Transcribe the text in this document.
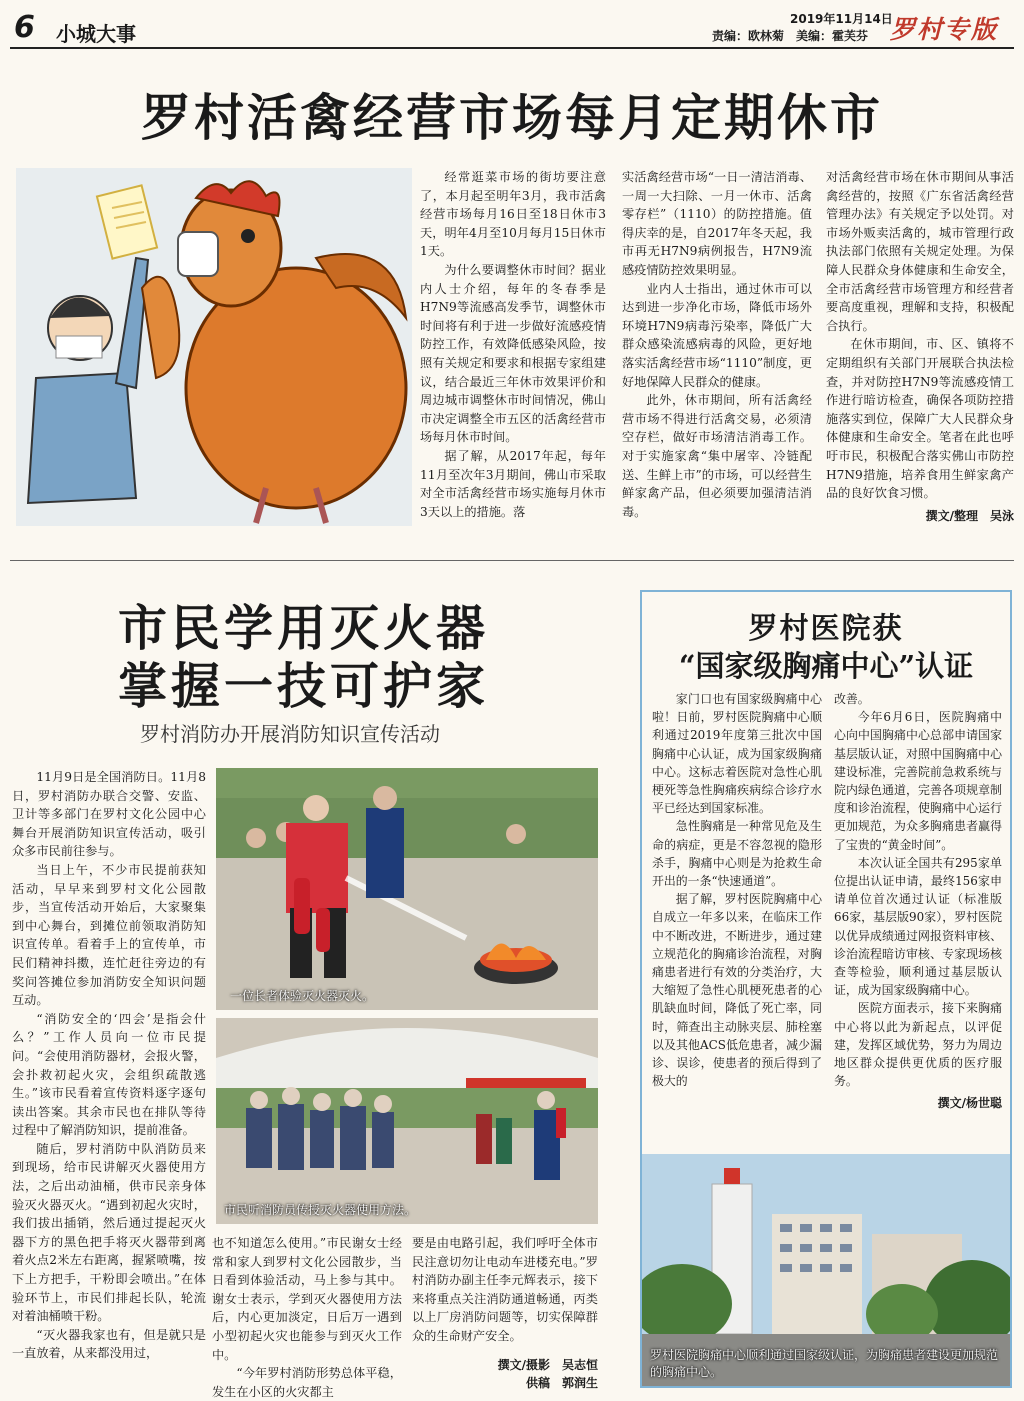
6 小城大事
2019年11月14日
责编：欧林菊　美编：霍芙芬 罗村专版
罗村活禽经营市场每月定期休市

经常逛菜市场的街坊要注意了，本月起至明年3月，我市活禽经营市场每月16日至18日休市3天，明年4月至10月每月15日休市1天。

为什么要调整休市时间？据业内人士介绍，每年的冬春季是H7N9等流感高发季节，调整休市时间将有利于进一步做好流感疫情防控工作，有效降低感染风险，按照有关规定和要求和根据专家组建议，结合最近三年休市效果评价和周边城市调整休市时间情况，佛山市决定调整全市五区的活禽经营市场每月休市时间。

据了解，从2017年起，每年11月至次年3月期间，佛山市采取对全市活禽经营市场实施每月休市3天以上的措施。落

实活禽经营市场“一日一清洁消毒、一周一大扫除、一月一休市、活禽零存栏”（1110）的防控措施。值得庆幸的是，自2017年冬天起，我市再无H7N9病例报告，H7N9流感疫情防控效果明显。

业内人士指出，通过休市可以达到进一步净化市场，降低市场外环境H7N9病毒污染率，降低广大群众感染流感病毒的风险，更好地落实活禽经营市场“1110”制度，更好地保障人民群众的健康。

此外，休市期间，所有活禽经营市场不得进行活禽交易，必须清空存栏，做好市场清洁消毒工作。对于实施家禽“集中屠宰、冷链配送、生鲜上市”的市场，可以经营生鲜家禽产品，但必须要加强清洁消毒。

对活禽经营市场在休市期间从事活禽经营的，按照《广东省活禽经营管理办法》有关规定予以处罚。对市场外贩卖活禽的，城市管理行政执法部门依照有关规定处理。为保障人民群众身体健康和生命安全，全市活禽经营市场管理方和经营者要高度重视，理解和支持，积极配合执行。

在休市期间，市、区、镇将不定期组织有关部门开展联合执法检查，并对防控H7N9等流感疫情工作进行暗访检查，确保各项防控措施落实到位，保障广大人民群众身体健康和生命安全。笔者在此也呼吁市民，积极配合落实佛山市防控H7N9措施，培养食用生鲜家禽产品的良好饮食习惯。

撰文/整理　吴泳
市民学用灭火器
掌握一技可护家
罗村消防办开展消防知识宣传活动

11月9日是全国消防日。11月8日，罗村消防办联合交警、安监、卫计等多部门在罗村文化公园中心舞台开展消防知识宣传活动，吸引众多市民前往参与。

当日上午，不少市民提前获知活动，早早来到罗村文化公园散步，当宣传活动开始后，大家聚集到中心舞台，到摊位前领取消防知识宣传单。看着手上的宣传单，市民们精神抖擞，连忙赶往旁边的有奖问答摊位参加消防安全知识问题互动。

“消防安全的‘四会’是指会什么？”工作人员向一位市民提问。“会使用消防器材，会报火警，会扑救初起火灾，会组织疏散逃生。”该市民看着宣传资料逐字逐句读出答案。其余市民也在排队等待过程中了解消防知识，提前准备。

随后，罗村消防中队消防员来到现场，给市民讲解灭火器使用方法，之后出动油桶，供市民亲身体验灭火器灭火。“遇到初起火灾时，我们拔出插销，然后通过提起灭火器下方的黑色把手将灭火器带到离着火点2米左右距离，握紧喷嘴，按下上方把手，干粉即会喷出。”在体验环节上，市民们排起长队，轮流对着油桶喷干粉。

“灭火器我家也有，但是就只是一直放着，从来都没用过，

一位长者体验灭火器灭火。
市民听消防员传授灭火器使用方法。

也不知道怎么使用。”市民谢女士经常和家人到罗村文化公园散步，当日看到体验活动，马上参与其中。谢女士表示，学到灭火器使用方法后，内心更加淡定，日后万一遇到小型初起火灾也能参与到灭火工作中。

“今年罗村消防形势总体平稳，发生在小区的火灾都主

要是由电路引起，我们呼吁全体市民注意切勿让电动车进楼充电。”罗村消防办副主任李元辉表示，接下来将重点关注消防通道畅通，丙类以上厂房消防问题等，切实保障群众的生命财产安全。

撰文/摄影　吴志恒
供稿　郭润生
罗村医院获
“国家级胸痛中心”认证

家门口也有国家级胸痛中心啦！日前，罗村医院胸痛中心顺利通过2019年度第三批次中国胸痛中心认证，成为国家级胸痛中心。这标志着医院对急性心肌梗死等急性胸痛疾病综合诊疗水平已经达到国家标准。

急性胸痛是一种常见危及生命的病症，更是不容忽视的隐形杀手，胸痛中心则是为抢救生命开出的一条“快速通道”。

据了解，罗村医院胸痛中心自成立一年多以来，在临床工作中不断改进，不断进步，通过建立规范化的胸痛诊治流程，对胸痛患者进行有效的分类治疗，大大缩短了急性心肌梗死患者的心肌缺血时间，降低了死亡率，同时，筛查出主动脉夹层、肺栓塞以及其他ACS低危患者，减少漏诊、误诊，使患者的预后得到了极大的

改善。

今年6月6日，医院胸痛中心向中国胸痛中心总部申请国家基层版认证，对照中国胸痛中心建设标准，完善院前急救系统与院内绿色通道，完善各项规章制度和诊治流程，使胸痛中心运行更加规范，为众多胸痛患者赢得了宝贵的“黄金时间”。

本次认证全国共有295家单位提出认证申请，最终156家申请单位首次通过认证（标准版66家，基层版90家），罗村医院以优异成绩通过网报资料审核、诊治流程暗访审核、专家现场核查等检验，顺利通过基层版认证，成为国家级胸痛中心。

医院方面表示，接下来胸痛中心将以此为新起点，以评促建，发挥区域优势，努力为周边地区群众提供更优质的医疗服务。

撰文/杨世聪
罗村医院胸痛中心顺利通过国家级认证，为胸痛患者建设更加规范的胸痛中心。
